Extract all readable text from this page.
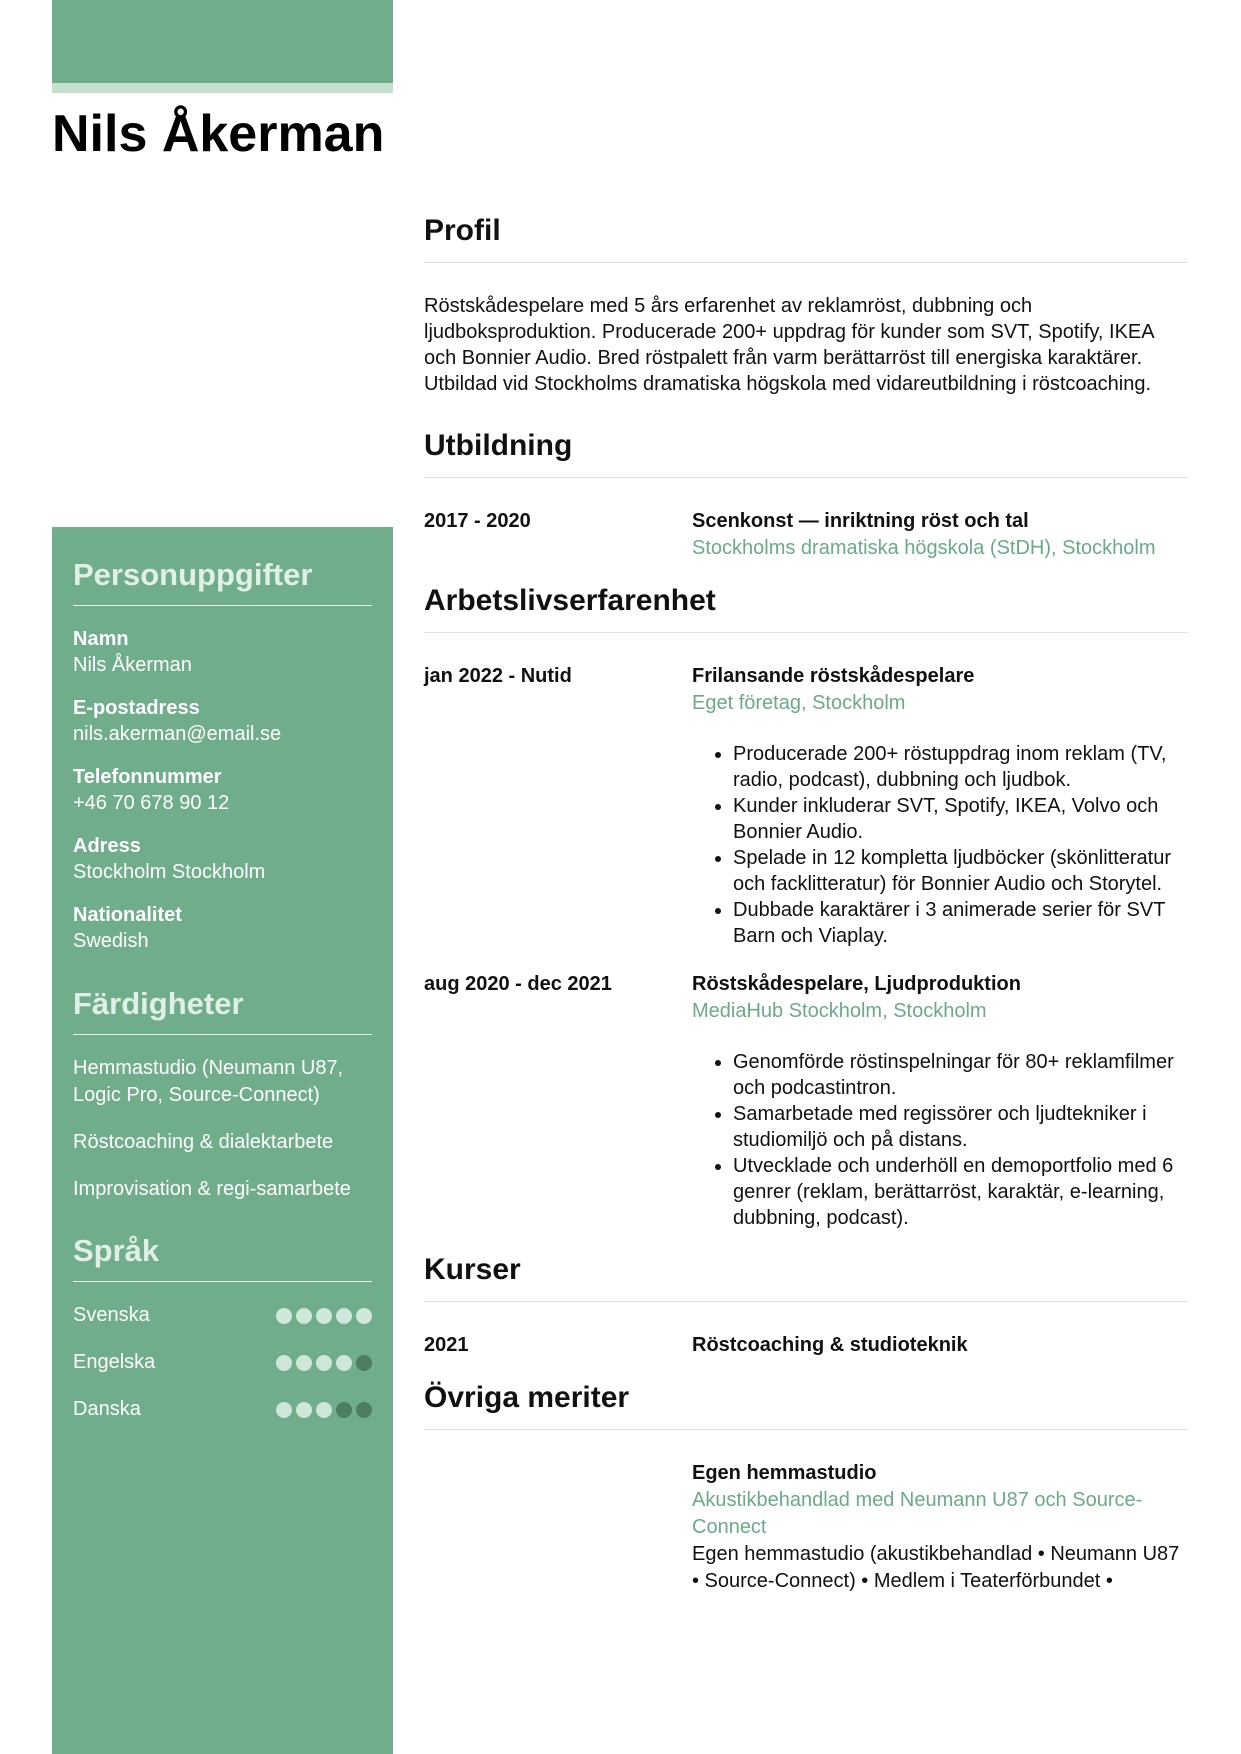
Nils Åkerman
Personuppgifter
Namn
Nils Åkerman
E-postadress
nils.akerman@email.se
Telefonnummer
+46 70 678 90 12
Adress
Stockholm Stockholm
Nationalitet
Swedish
Färdigheter
Hemmastudio (Neumann U87, Logic Pro, Source-Connect)
Röstcoaching & dialektarbete
Improvisation & regi-samarbete
Språk
Svenska
Engelska
Danska
Profil

Röstskådespelare med 5 års erfarenhet av reklamröst, dubbning och ljudboksproduktion. Producerade 200+ uppdrag för kunder som SVT, Spotify, IKEA och Bonnier Audio. Bred röstpalett från varm berättarröst till energiska karaktärer. Utbildad vid Stockholms dramatiska högskola med vidareutbildning i röstcoaching.

Utbildning
2017 - 2020	Scenkonst — inriktning röst och tal
Stockholms dramatiska högskola (StDH), Stockholm
Arbetslivserfarenhet
jan 2022 - Nutid	Frilansande röstskådespelare
Eget företag, Stockholm
• Producerade 200+ röstuppdrag inom reklam (TV, radio, podcast), dubbning och ljudbok.
• Kunder inkluderar SVT, Spotify, IKEA, Volvo och Bonnier Audio.
• Spelade in 12 kompletta ljudböcker (skönlitteratur och facklitteratur) för Bonnier Audio och Storytel.
• Dubbade karaktärer i 3 animerade serier för SVT Barn och Viaplay.
aug 2020 - dec 2021	Röstskådespelare, Ljudproduktion
MediaHub Stockholm, Stockholm
• Genomförde röstinspelningar för 80+ reklamfilmer och podcastintron.
• Samarbetade med regissörer och ljudtekniker i studiomiljö och på distans.
• Utvecklade och underhöll en demoportfolio med 6 genrer (reklam, berättarröst, karaktär, e-learning, dubbning, podcast).
Kurser
2021	Röstcoaching & studioteknik
Övriga meriter
Egen hemmastudio
Akustikbehandlad med Neumann U87 och Source-Connect
Egen hemmastudio (akustikbehandlad • Neumann U87 • Source-Connect) • Medlem i Teaterförbundet •
